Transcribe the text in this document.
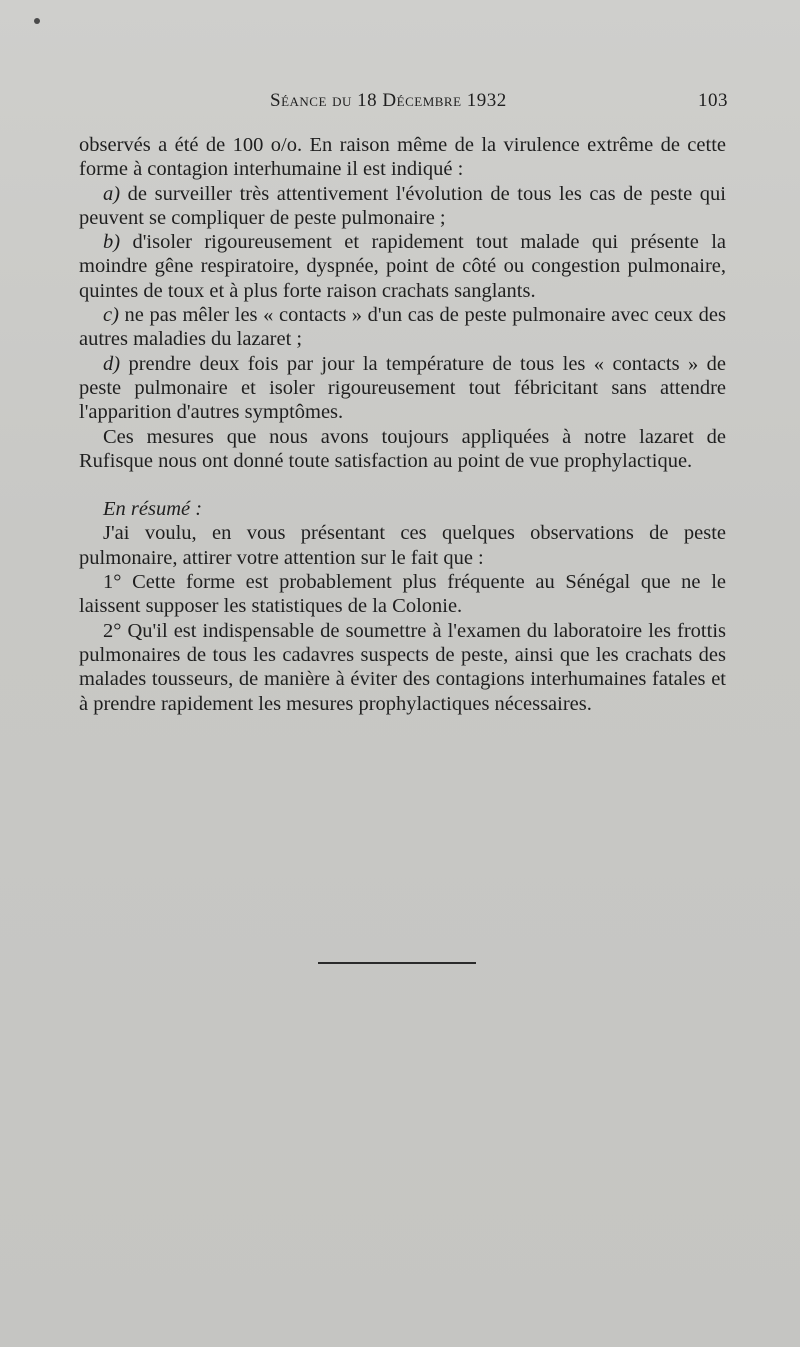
Séance du 18 Décembre 1932	103

observés a été de 100 o/o. En raison même de la virulence extrême de cette forme à contagion interhumaine il est indiqué :

a) de surveiller très attentivement l'évolution de tous les cas de peste qui peuvent se compliquer de peste pulmonaire ;

b) d'isoler rigoureusement et rapidement tout malade qui présente la moindre gêne respiratoire, dyspnée, point de côté ou congestion pulmonaire, quintes de toux et à plus forte raison crachats sanglants.

c) ne pas mêler les « contacts » d'un cas de peste pulmonaire avec ceux des autres maladies du lazaret ;

d) prendre deux fois par jour la température de tous les « contacts » de peste pulmonaire et isoler rigoureusement tout fébricitant sans attendre l'apparition d'autres symptômes.

Ces mesures que nous avons toujours appliquées à notre lazaret de Rufisque nous ont donné toute satisfaction au point de vue prophylactique.

En résumé :

J'ai voulu, en vous présentant ces quelques observations de peste pulmonaire, attirer votre attention sur le fait que :

1° Cette forme est probablement plus fréquente au Sénégal que ne le laissent supposer les statistiques de la Colonie.

2° Qu'il est indispensable de soumettre à l'examen du laboratoire les frottis pulmonaires de tous les cadavres suspects de peste, ainsi que les crachats des malades tousseurs, de manière à éviter des contagions interhumaines fatales et à prendre rapidement les mesures prophylactiques nécessaires.
